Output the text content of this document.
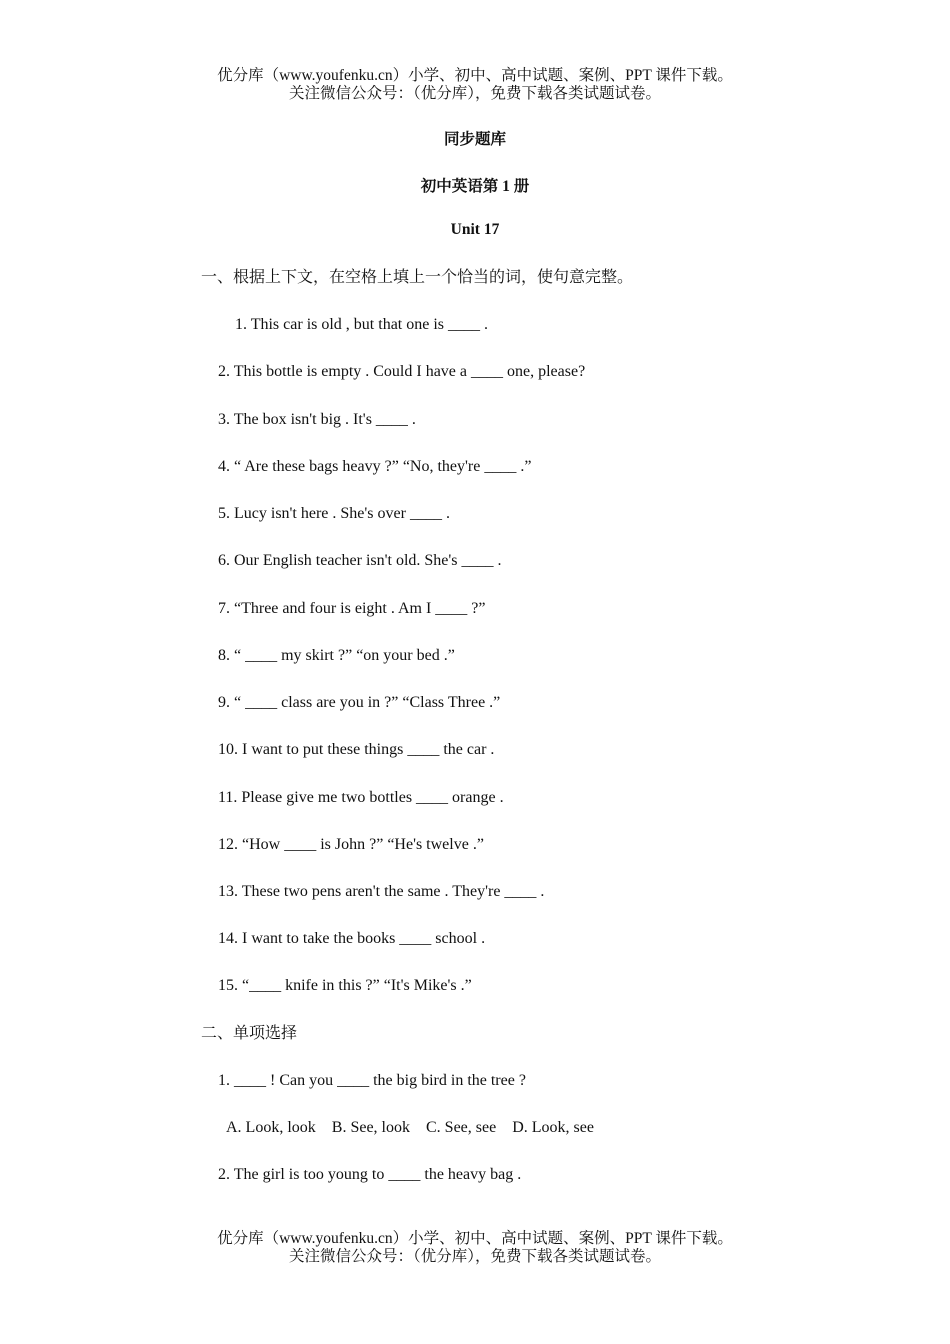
优分库（www.youfenku.cn）小学、初中、高中试题、案例、PPT 课件下载。
关注微信公众号：（优分库），免费下载各类试题试卷。
同步题库
初中英语第 1 册
Unit 17
一、根据上下文，在空格上填上一个恰当的词，使句意完整。
1. This car is old , but that one is ____ .
2. This bottle is empty . Could I have a ____ one, please?
3. The box isn't big . It's ____ .
4. “ Are these bags heavy ?” “No, they're ____ .”
5. Lucy isn't here . She's over ____ .
6. Our English teacher isn't old. She's ____ .
7. “Three and four is eight . Am I ____ ?”
8. “ ____ my skirt ?” “on your bed .”
9. “ ____ class are you in ?” “Class Three .”
10. I want to put these things ____ the car .
11. Please give me two bottles ____ orange .
12. “How ____ is John ?” “He's twelve .”
13. These two pens aren't the same . They're ____ .
14. I want to take the books ____ school .
15. “____ knife in this ?” “It's Mike's .”
二、单项选择
1. ____ ! Can you ____ the big bird in the tree ?
A. Look, look    B. See, look    C. See, see    D. Look, see
2. The girl is too young to ____ the heavy bag .
优分库（www.youfenku.cn）小学、初中、高中试题、案例、PPT 课件下载。
关注微信公众号：（优分库），免费下载各类试题试卷。
